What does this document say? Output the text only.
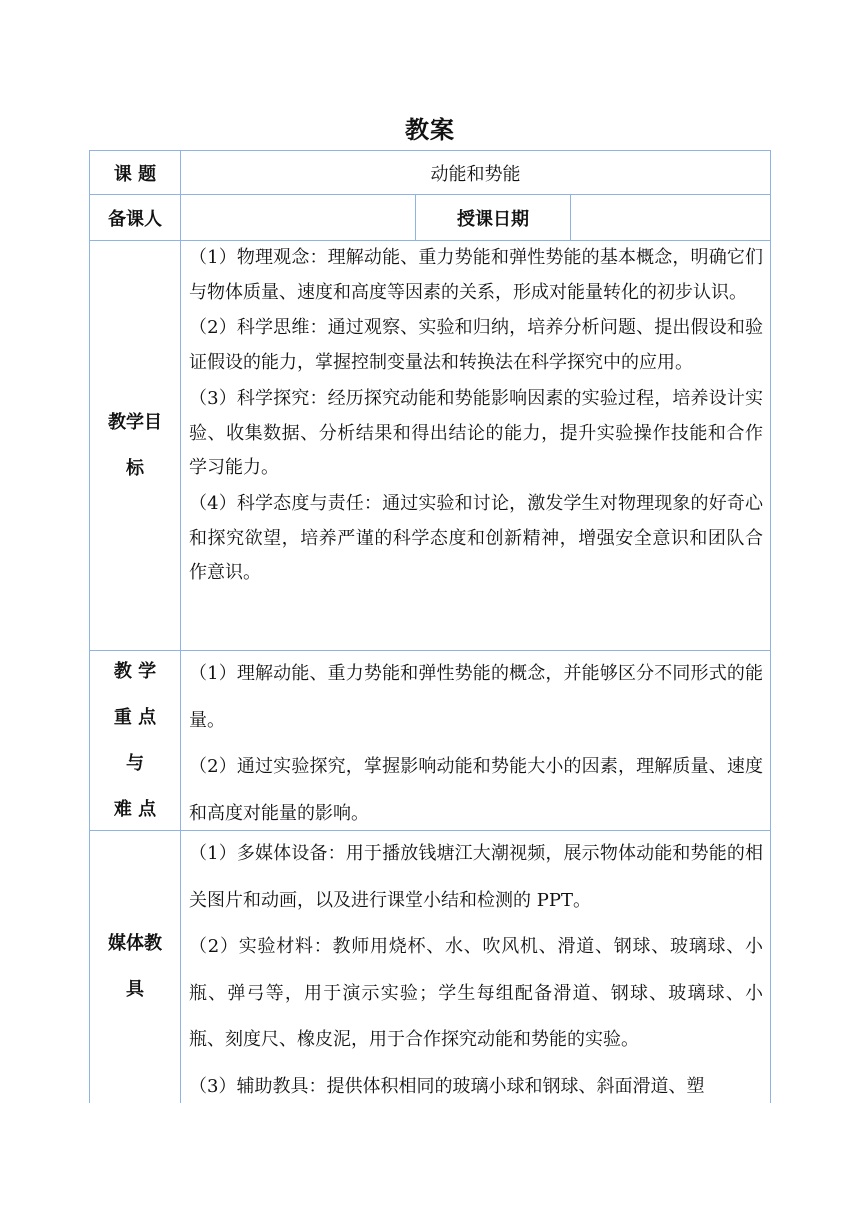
教案
课 题	动能和势能
备课人	授课日期
教学目
标

（1）物理观念：理解动能、重力势能和弹性势能的基本概念，明确它们与物体质量、速度和高度等因素的关系，形成对能量转化的初步认识。

（2）科学思维：通过观察、实验和归纳，培养分析问题、提出假设和验证假设的能力，掌握控制变量法和转换法在科学探究中的应用。

（3）科学探究：经历探究动能和势能影响因素的实验过程，培养设计实验、收集数据、分析结果和得出结论的能力，提升实验操作技能和合作学习能力。

（4）科学态度与责任：通过实验和讨论，激发学生对物理现象的好奇心和探究欲望，培养严谨的科学态度和创新精神，增强安全意识和团队合作意识。

教 学
重 点
与
难 点

（1）理解动能、重力势能和弹性势能的概念，并能够区分不同形式的能量。

（2）通过实验探究，掌握影响动能和势能大小的因素，理解质量、速度和高度对能量的影响。

媒体教
具

（1）多媒体设备：用于播放钱塘江大潮视频，展示物体动能和势能的相关图片和动画，以及进行课堂小结和检测的 PPT。

（2）实验材料：教师用烧杯、水、吹风机、滑道、钢球、玻璃球、小瓶、弹弓等，用于演示实验；学生每组配备滑道、钢球、玻璃球、小瓶、刻度尺、橡皮泥，用于合作探究动能和势能的实验。

（3）辅助教具：提供体积相同的玻璃小球和钢球、斜面滑道、塑
